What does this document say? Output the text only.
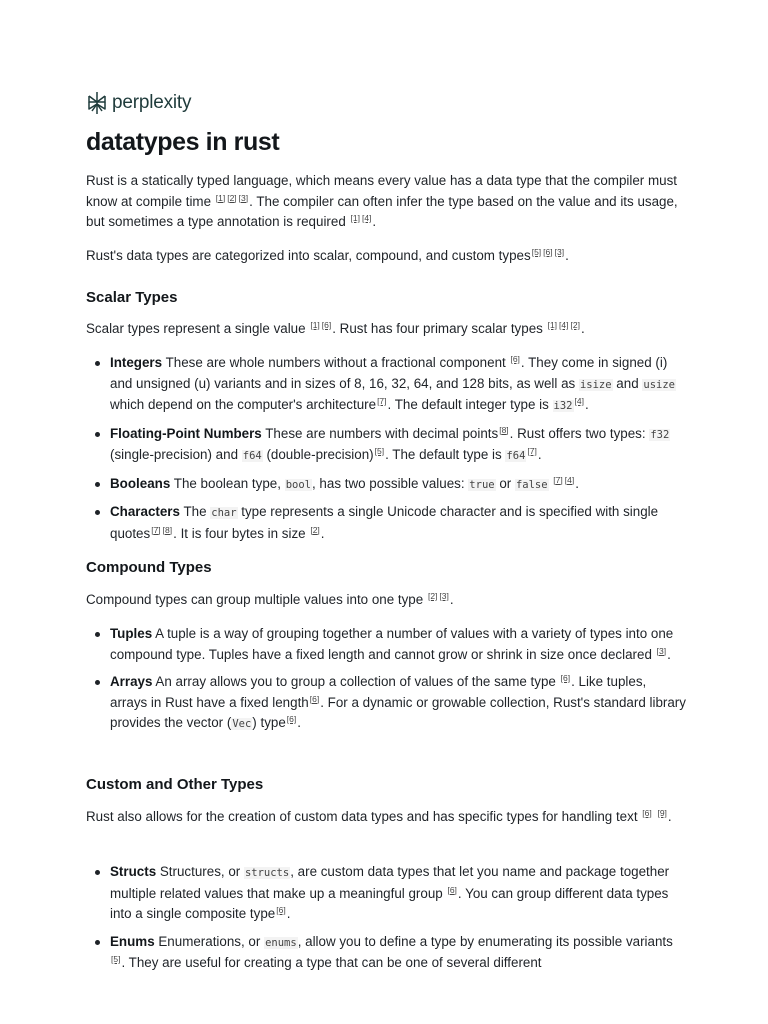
perplexity
datatypes in rust

Rust is a statically typed language, which means every value has a data type that the compiler must know at compile time [1] [2] [3]. The compiler can often infer the type based on the value and its usage, but sometimes a type annotation is required [1] [4].

Rust's data types are categorized into scalar, compound, and custom types[5] [6] [3].

Scalar Types

Scalar types represent a single value [1] [6]. Rust has four primary scalar types [1] [4] [2].

Integers These are whole numbers without a fractional component [6]. They come in signed (i) and unsigned (u) variants and in sizes of 8, 16, 32, 64, and 128 bits, as well as isize and usize which depend on the computer's architecture[7]. The default integer type is i32 [4].
Floating-Point Numbers These are numbers with decimal points[8]. Rust offers two types: f32 (single-precision) and f64 (double-precision)[5]. The default type is f64 [7].
Booleans The boolean type, bool, has two possible values: true or false [7] [4].
Characters The char type represents a single Unicode character and is specified with single quotes[7] [8]. It is four bytes in size [2].
Compound Types

Compound types can group multiple values into one type [2] [3].

Tuples A tuple is a way of grouping together a number of values with a variety of types into one compound type. Tuples have a fixed length and cannot grow or shrink in size once declared [3].
Arrays An array allows you to group a collection of values of the same type [6]. Like tuples, arrays in Rust have a fixed length[6]. For a dynamic or growable collection, Rust's standard library provides the vector (Vec) type[6].
Custom and Other Types

Rust also allows for the creation of custom data types and has specific types for handling text [6] [9].

Structs Structures, or structs, are custom data types that let you name and package together multiple related values that make up a meaningful group [6]. You can group different data types into a single composite type[6].
Enums Enumerations, or enums, allow you to define a type by enumerating its possible variants [5]. They are useful for creating a type that can be one of several different
